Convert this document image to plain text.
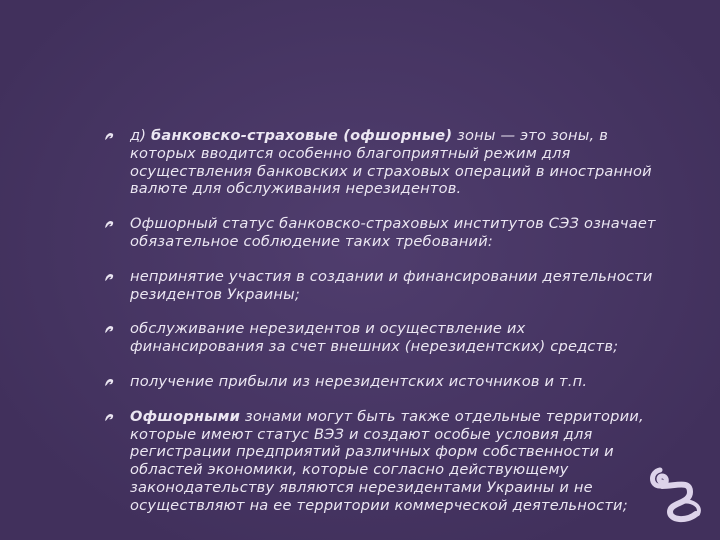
д) банковско-страховые (офшорные) зоны — это зоны, в которых вводится особенно благоприятный режим для осуществления банковских и страховых операций в иностранной валюте для обслуживания нерезидентов.
Офшорный статус банковско-страховых институтов СЭЗ означает обязательное соблюдение таких требований:
непринятие участия в создании и финансировании деятельности резидентов Украины;
обслуживание нерезидентов и осуществление их финансирования за счет внешних (нерезидентских) средств;
получение прибыли из нерезидентских источников и т.п.
Офшорными зонами могут быть также отдельные территории, которые имеют статус ВЭЗ и создают особые условия для регистрации предприятий различных форм собственности и областей экономики, которые согласно действующему законодательству являются нерезидентами Украины и не осуществляют на ее территории коммерческой деятельности;
